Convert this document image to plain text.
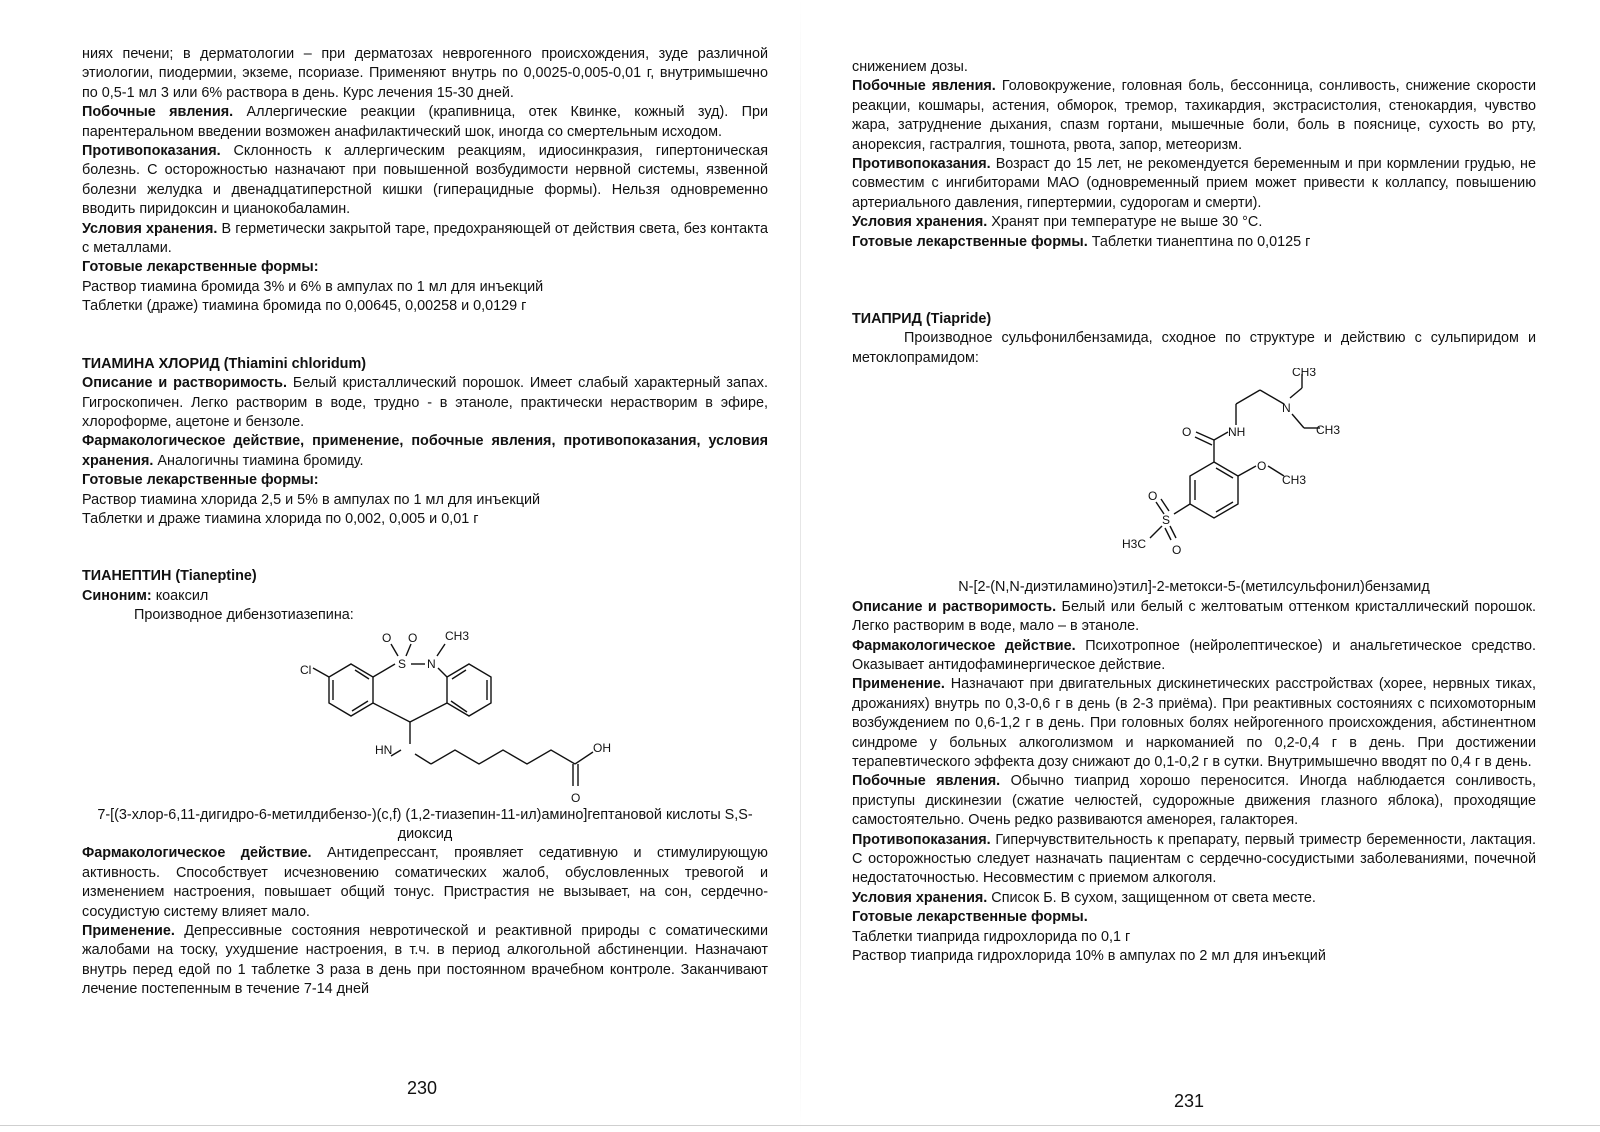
ниях печени; в дерматологии – при дерматозах неврогенного происхождения, зуде различной этиологии, пиодермии, экземе, псориазе. Применяют внутрь по 0,0025-0,005-0,01 г, внутримышечно по 0,5-1 мл 3 или 6% раствора в день. Курс лечения 15-30 дней.

Побочные явления. Аллергические реакции (крапивница, отек Квинке, кожный зуд). При парентеральном введении возможен анафилактический шок, иногда со смертельным исходом.

Противопоказания. Склонность к аллергическим реакциям, идиосинкразия, гипертоническая болезнь. С осторожностью назначают при повышенной возбудимости нервной системы, язвенной болезни желудка и двенадцатиперстной кишки (гиперацидные формы). Нельзя одновременно вводить пиридоксин и цианокобаламин.

Условия хранения. В герметически закрытой таре, предохраняющей от действия света, без контакта с металлами.

Готовые лекарственные формы:

Раствор тиамина бромида 3% и 6% в ампулах по 1 мл для инъекций

Таблетки (драже) тиамина бромида по 0,00645, 0,00258 и 0,0129 г

ТИАМИНА ХЛОРИД (Thiamini chloridum)

Описание и растворимость. Белый кристаллический порошок. Имеет слабый характерный запах. Гигроскопичен. Легко растворим в воде, трудно - в этаноле, практически нерастворим в эфире, хлороформе, ацетоне и бензоле.

Фармакологическое действие, применение, побочные явления, противопоказания, условия хранения. Аналогичны тиамина бромиду.

Готовые лекарственные формы:

Раствор тиамина хлорида 2,5 и 5% в ампулах по 1 мл для инъекций

Таблетки и драже тиамина хлорида по 0,002, 0,005 и 0,01 г

ТИАНЕПТИН (Tianeptine)

Синоним: коаксил

Производное дибензотиазепина:

Cl
O O
S N
CH3
HN	OH
O

7-[(3-хлор-6,11-дигидро-6-метилдибензо-)(c,f) (1,2-тиазепин-11-ил)амино]гептановой кислоты S,S-диоксид

Фармакологическое действие. Антидепрессант, проявляет седативную и стимулирующую активность. Способствует исчезновению соматических жалоб, обусловленных тревогой и изменением настроения, повышает общий тонус. Пристрастия не вызывает, на сон, сердечно-сосудистую систему влияет мало.

Применение. Депрессивные состояния невротической и реактивной природы с соматическими жалобами на тоску, ухудшение настроения, в т.ч. в период алкогольной абстиненции. Назначают внутрь перед едой по 1 таблетке 3 раза в день при постоянном врачебном контроле. Заканчивают лечение постепенным в течение 7-14 дней

230

снижением дозы.

Побочные явления. Головокружение, головная боль, бессонница, сонливость, снижение скорости реакции, кошмары, астения, обморок, тремор, тахикардия, экстрасистолия, стенокардия, чувство жара, затруднение дыхания, спазм гортани, мышечные боли, боль в пояснице, сухость во рту, анорексия, гастралгия, тошнота, рвота, запор, метеоризм.

Противопоказания. Возраст до 15 лет, не рекомендуется беременным и при кормлении грудью, не совместим с ингибиторами МАО (одновременный прием может привести к коллапсу, повышению артериального давления, гипертермии, судорогам и смерти).

Условия хранения. Хранят при температуре не выше 30 °С.

Готовые лекарственные формы. Таблетки тианептина по 0,0125 г

ТИАПРИД (Tiapride)

Производное сульфонилбензамида, сходное по структуре и действию с сульпиридом и метоклопрамидом:

CH3
N
O	NH	CH3
O
CH3
O
S
H3C O

N-[2-(N,N-диэтиламино)этил]-2-метокси-5-(метилсульфонил)бензамид

Описание и растворимость. Белый или белый с желтоватым оттенком кристаллический порошок. Легко растворим в воде, мало – в этаноле.

Фармакологическое действие. Психотропное (нейролептическое) и анальгетическое средство. Оказывает антидофаминергическое действие.

Применение. Назначают при двигательных дискинетических расстройствах (хорее, нервных тиках, дрожаниях) внутрь по 0,3-0,6 г в день (в 2-3 приёма). При реактивных состояниях с психомоторным возбуждением по 0,6-1,2 г в день. При головных болях нейрогенного происхождения, абстинентном синдроме у больных алкоголизмом и наркоманией по 0,2-0,4 г в день. При достижении терапевтического эффекта дозу снижают до 0,1-0,2 г в сутки. Внутримышечно вводят по 0,4 г в день.

Побочные явления. Обычно тиаприд хорошо переносится. Иногда наблюдается сонливость, приступы дискинезии (сжатие челюстей, судорожные движения глазного яблока), проходящие самостоятельно. Очень редко развиваются аменорея, галакторея.

Противопоказания. Гиперчувствительность к препарату, первый триместр беременности, лактация. С осторожностью следует назначать пациентам с сердечно-сосудистыми заболеваниями, почечной недостаточностью. Несовместим с приемом алкоголя.

Условия хранения. Список Б. В сухом, защищенном от света месте.

Готовые лекарственные формы.

Таблетки тиаприда гидрохлорида по 0,1 г

Раствор тиаприда гидрохлорида 10% в ампулах по 2 мл для инъекций

231
